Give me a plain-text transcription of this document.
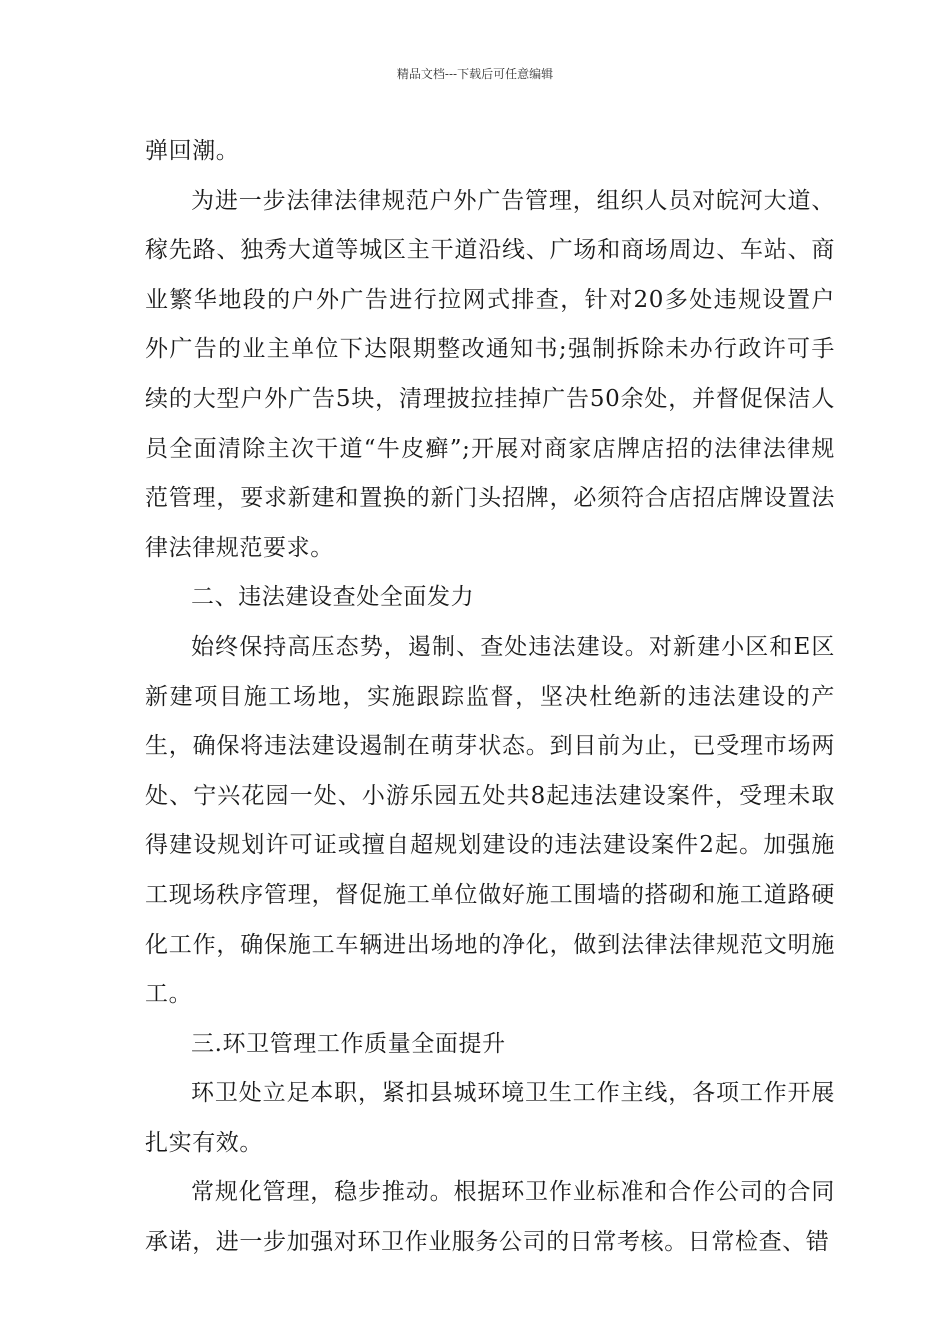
精品文档---下载后可任意编辑

弹回潮。

为进一步法律法律规范户外广告管理，组织人员对皖河大道、稼先路、独秀大道等城区主干道沿线、广场和商场周边、车站、商业繁华地段的户外广告进行拉网式排查，针对20多处违规设置户外广告的业主单位下达限期整改通知书;强制拆除未办行政许可手续的大型户外广告5块，清理披拉挂掉广告50余处，并督促保洁人员全面清除主次干道“牛皮癣”;开展对商家店牌店招的法律法律规范管理，要求新建和置换的新门头招牌，必须符合店招店牌设置法律法律规范要求。

二、违法建设查处全面发力

始终保持高压态势，遏制、查处违法建设。对新建小区和E区新建项目施工场地，实施跟踪监督，坚决杜绝新的违法建设的产生，确保将违法建设遏制在萌芽状态。到目前为止，已受理市场两处、宁兴花园一处、小游乐园五处共8起违法建设案件，受理未取得建设规划许可证或擅自超规划建设的违法建设案件2起。加强施工现场秩序管理，督促施工单位做好施工围墙的搭砌和施工道路硬化工作，确保施工车辆进出场地的净化，做到法律法律规范文明施工。

三.环卫管理工作质量全面提升

环卫处立足本职，紧扣县城环境卫生工作主线，各项工作开展扎实有效。

常规化管理，稳步推动。根据环卫作业标准和合作公司的合同承诺，进一步加强对环卫作业服务公司的日常考核。日常检查、错
